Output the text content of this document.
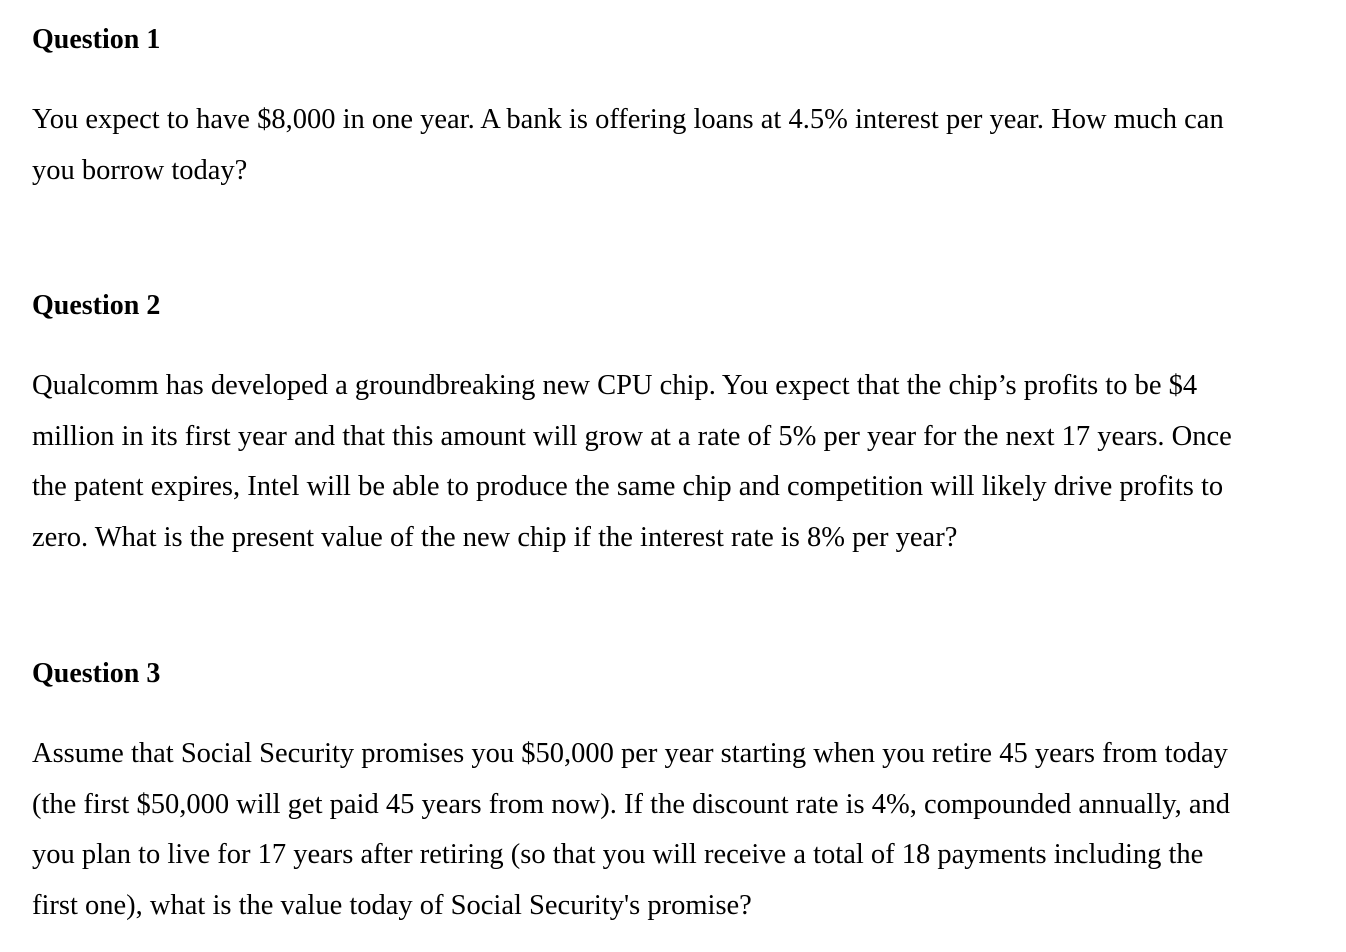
Question 1

You expect to have $8,000 in one year. A bank is offering loans at 4.5% interest per year. How much can
you borrow today?

Question 2

Qualcomm has developed a groundbreaking new CPU chip. You expect that the chip’s profits to be $4
million in its first year and that this amount will grow at a rate of 5% per year for the next 17 years. Once
the patent expires, Intel will be able to produce the same chip and competition will likely drive profits to
zero. What is the present value of the new chip if the interest rate is 8% per year?

Question 3

Assume that Social Security promises you $50,000 per year starting when you retire 45 years from today
(the first $50,000 will get paid 45 years from now). If the discount rate is 4%, compounded annually, and
you plan to live for 17 years after retiring (so that you will receive a total of 18 payments including the
first one), what is the value today of Social Security's promise?
